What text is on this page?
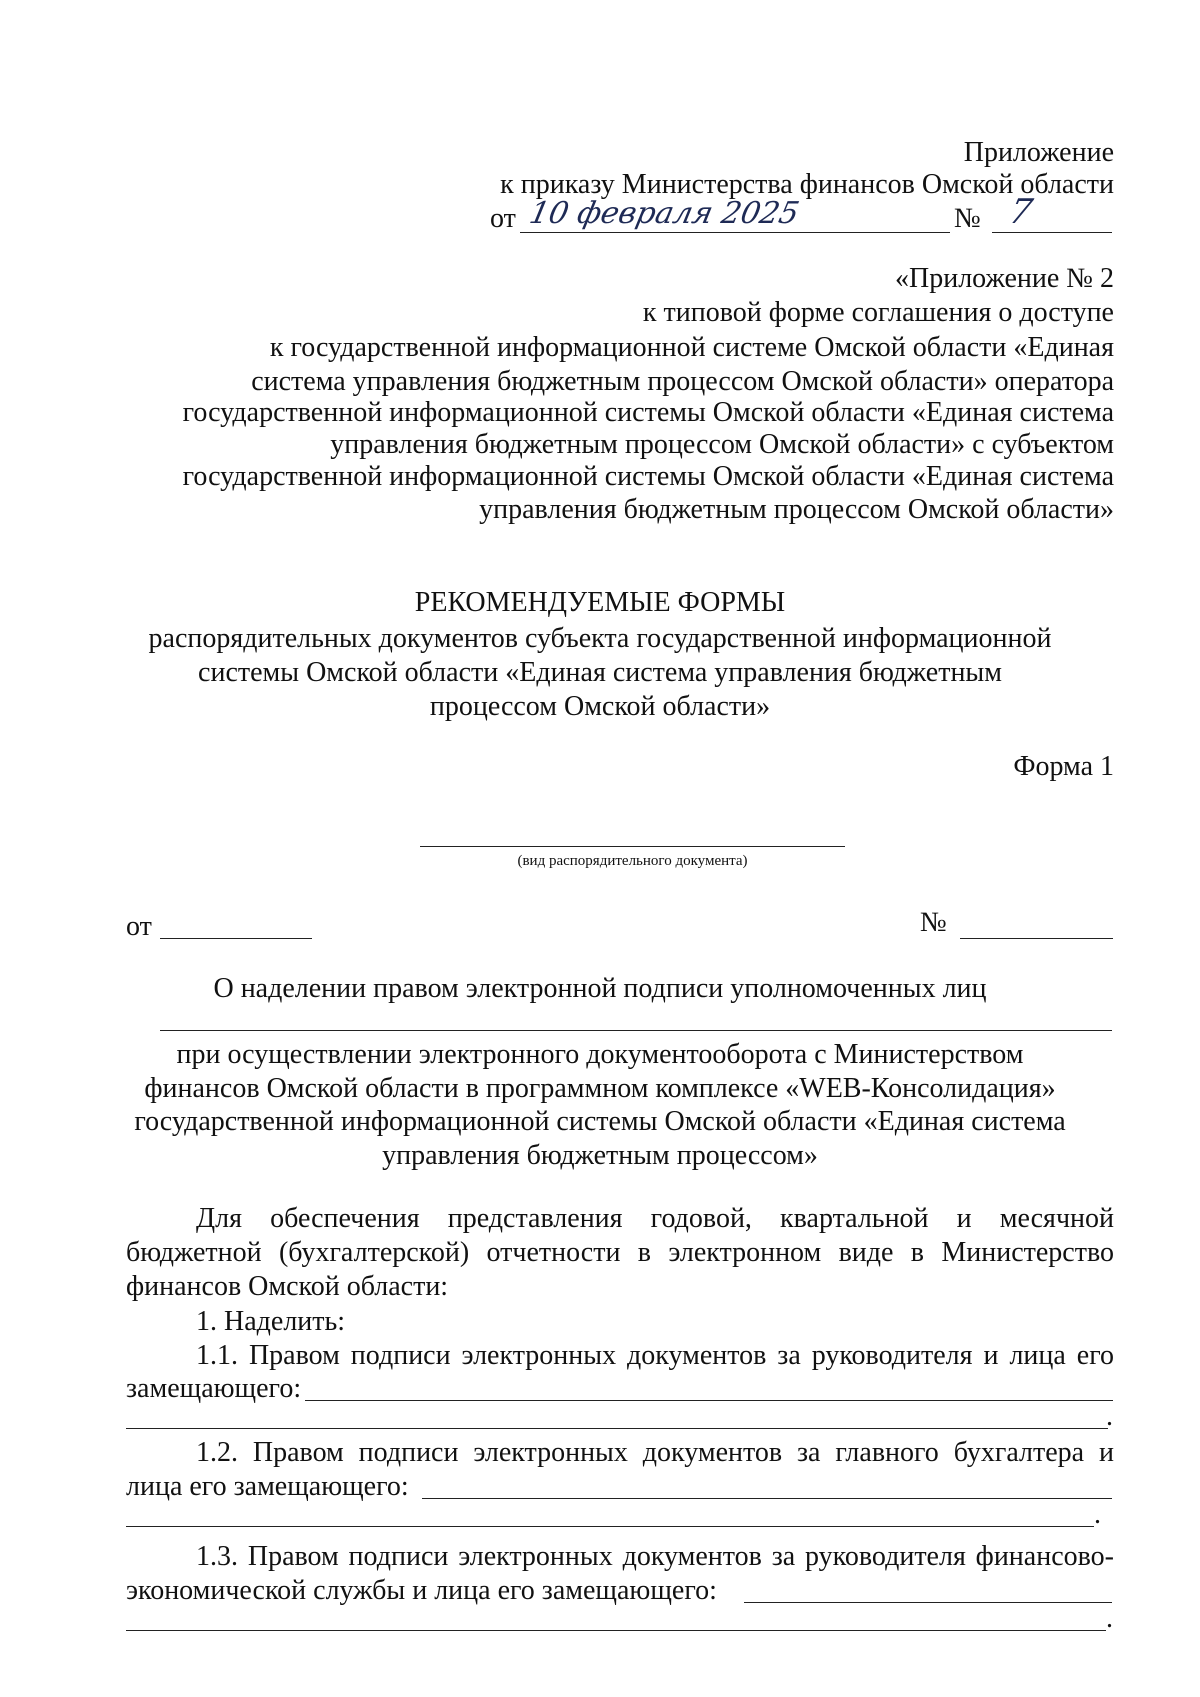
Приложение
к приказу Министерства финансов Омской области
от 10 февраля 2025	№ 7
«Приложение № 2
к типовой форме соглашения о доступе
к государственной информационной системе Омской области «Единая
система управления бюджетным процессом Омской области» оператора
государственной информационной системы Омской области «Единая система
управления бюджетным процессом Омской области» с субъектом
государственной информационной системы Омской области «Единая система
управления бюджетным процессом Омской области»
РЕКОМЕНДУЕМЫЕ ФОРМЫ
распорядительных документов субъекта государственной информационной
системы Омской области «Единая система управления бюджетным
процессом Омской области»
Форма 1
(вид распорядительного документа)
от	№
О наделении правом электронной подписи уполномоченных лиц
при осуществлении электронного документооборота с Министерством
финансов Омской области в программном комплексе «WEB-Консолидация»
государственной информационной системы Омской области «Единая система
управления бюджетным процессом»
Для обеспечения представления годовой, квартальной и месячной
бюджетной (бухгалтерской) отчетности в электронном виде в Министерство
финансов Омской области:
1. Наделить:
1.1. Правом подписи электронных документов за руководителя и лица его
замещающего:
.
1.2. Правом подписи электронных документов за главного бухгалтера и
лица его замещающего:
.
1.3. Правом подписи электронных документов за руководителя финансово-
экономической службы и лица его замещающего:
.
